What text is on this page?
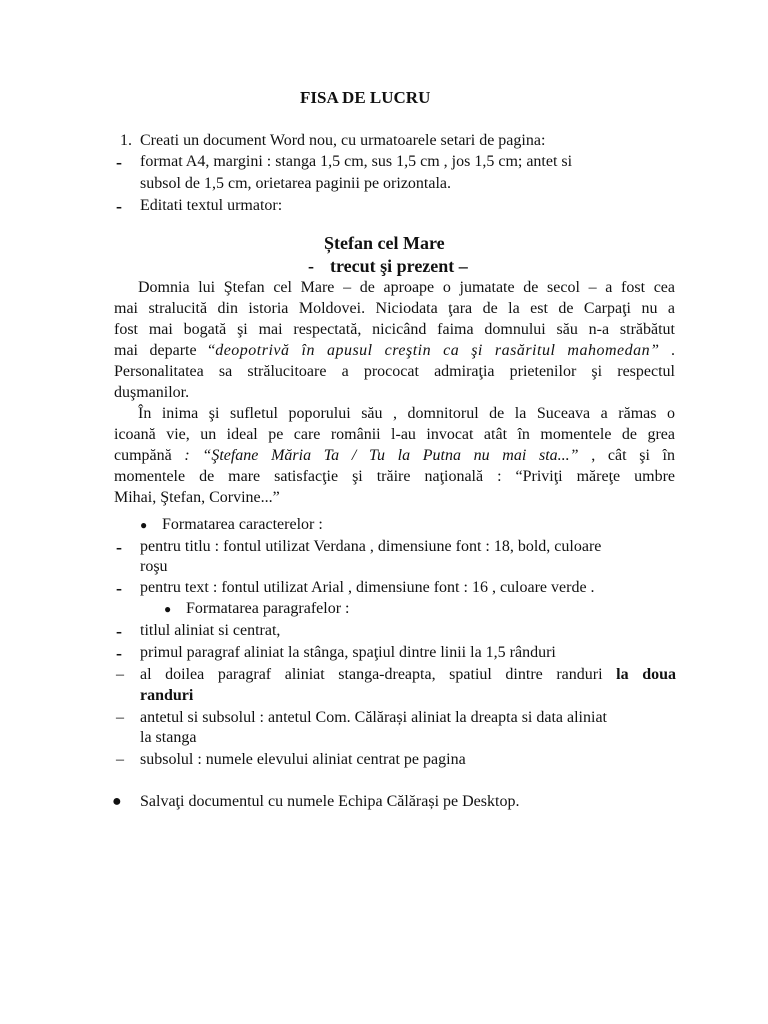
FISA DE LUCRU
1. Creati un document Word nou, cu urmatoarele setari de pagina:
- format A4, margini : stanga 1,5 cm, sus 1,5 cm , jos 1,5 cm; antet si
subsol de 1,5 cm, orietarea paginii pe orizontala.
- Editati textul urmator:
Ștefan cel Mare
- trecut şi prezent –
Domnia lui Ştefan cel Mare – de aproape o jumatate de secol – a fost cea
mai stralucită din istoria Moldovei. Niciodata ţara de la est de Carpaţi nu a
fost mai bogată şi mai respectată, nicicând faima domnului său n-a străbătut
mai departe “deopotrivă în apusul creştin ca şi rasăritul mahomedan” .
Personalitatea sa strălucitoare a prococat admiraţia prietenilor şi respectul
duşmanilor.
În inima şi sufletul poporului său , domnitorul de la Suceava a rămas o
icoană vie, un ideal pe care românii l-au invocat atât în momentele de grea
cumpănă : “Ştefane Măria Ta / Tu la Putna nu mai sta...” , cât şi în
momentele de mare satisfacţie şi trăire naţională : “Priviţi măreţe umbre
Mihai, Ştefan, Corvine...”
● Formatarea caracterelor :
- pentru titlu : fontul utilizat Verdana , dimensiune font : 18, bold, culoare
roşu
- pentru text : fontul utilizat Arial , dimensiune font : 16 , culoare verde .
● Formatarea paragrafelor :
- titlul aliniat si centrat,
- primul paragraf aliniat la stânga, spaţiul dintre linii la 1,5 rânduri
– al doilea paragraf aliniat stanga-dreapta, spatiul dintre randuri la doua
randuri
– antetul si subsolul : antetul Com. Călărași aliniat la dreapta si data aliniat
la stanga
– subsolul : numele elevului aliniat centrat pe pagina
● Salvaţi documentul cu numele Echipa Călărași pe Desktop.
